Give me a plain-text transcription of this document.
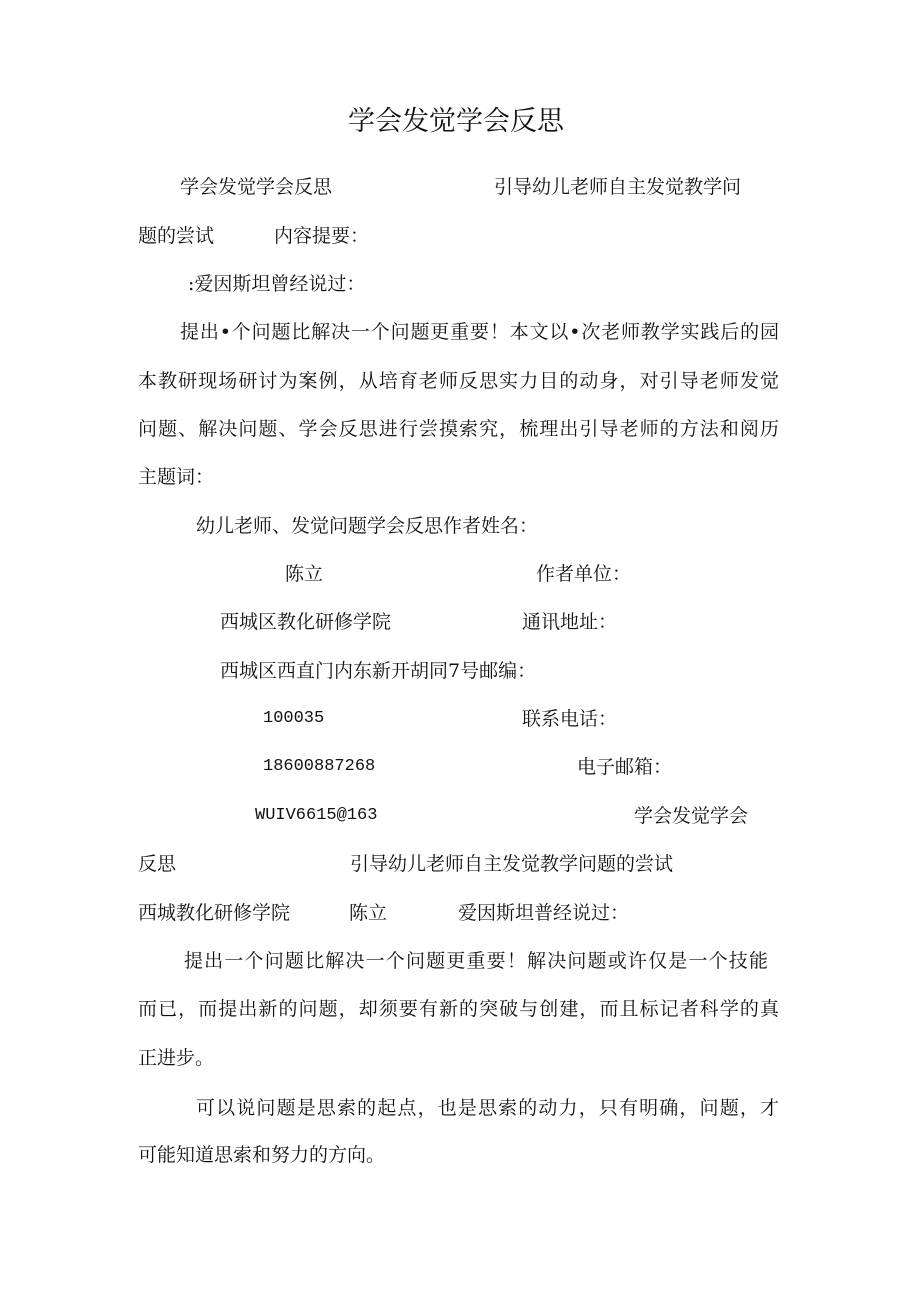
学会发觉学会反思
学会发觉学会反思	引导幼儿老师自主发觉教学问
题的尝试	内容提要：
:爱因斯坦曾经说过：
提出•个问题比解决一个问题更重要！本文以•次老师教学实践后的园
本教研现场研讨为案例，从培育老师反思实力目的动身，对引导老师发觉
问题、解决问题、学会反思进行尝摸索究，梳理出引导老师的方法和阅历
主题词：
幼儿老师、发觉问题学会反思作者姓名：
陈立	作者单位：
西城区教化研修学院	通讯地址：
西城区西直门内东新开胡同7号邮编：
100035	联系电话：
18600887268	电子邮箱：
WUIV6615@163	学会发觉学会
反思	引导幼儿老师自主发觉教学问题的尝试
西城教化研修学院	陈立	爱因斯坦普经说过：
提出一个问题比解决一个问题更重要！解决问题或许仅是一个技能
而已，而提出新的问题，却须要有新的突破与创建，而且标记者科学的真
正进步。
可以说问题是思索的起点，也是思索的动力，只有明确，问题，才
可能知道思索和努力的方向。
